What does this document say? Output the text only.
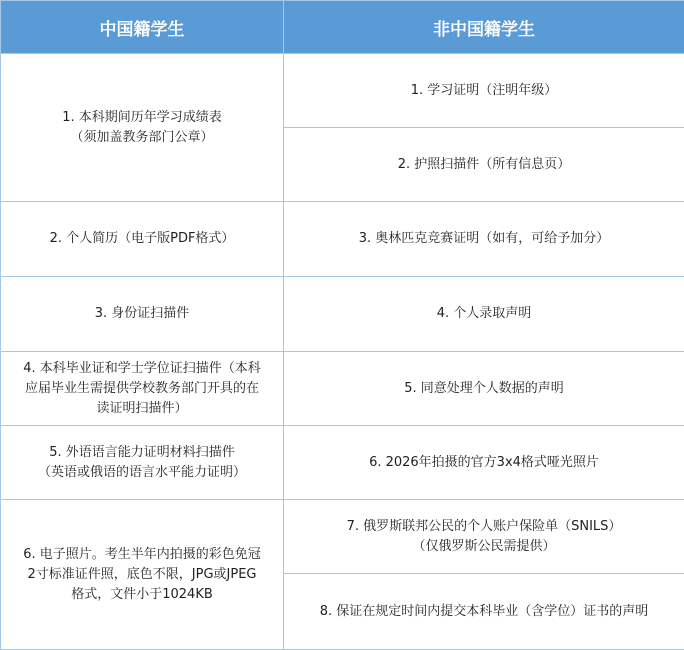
中国籍学生	非中国籍学生

1. 本科期间历年学习成绩表
（须加盖教务部门公章）	1. 学习证明（注明年级）

	2. 护照扫描件（所有信息页）

2. 个人简历（电子版PDF格式）	3. 奥林匹克竞赛证明（如有，可给予加分）

3. 身份证扫描件	4. 个人录取声明

4. 本科毕业证和学士学位证扫描件（本科
应届毕业生需提供学校教务部门开具的在
读证明扫描件）	5. 同意处理个人数据的声明

5. 外语语言能力证明材料扫描件
（英语或俄语的语言水平能力证明）	6. 2026年拍摄的官方3x4格式哑光照片

6. 电子照片。考生半年内拍摄的彩色免冠
2寸标准证件照，底色不限，JPG或JPEG
格式，文件小于1024KB	7. 俄罗斯联邦公民的个人账户保险单（SNILS）
（仅俄罗斯公民需提供）

	8. 保证在规定时间内提交本科毕业（含学位）证书的声明
